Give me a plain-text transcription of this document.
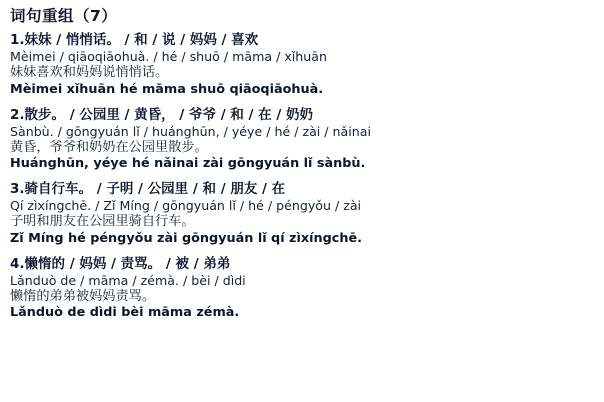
词句重组（7）
1.妹妹 / 悄悄话。 / 和 / 说 / 妈妈 / 喜欢
Mèimei / qiāoqiāohuà. / hé / shuō / māma / xǐhuān
妹妹喜欢和妈妈说悄悄话。
Mèimei xǐhuān hé māma shuō qiāoqiāohuà.
2.散步。 / 公园里 / 黄昏， / 爷爷 / 和 / 在 / 奶奶
Sànbù. / gōngyuán lǐ / huánghūn, / yéye / hé / zài / nǎinai
黄昏，爷爷和奶奶在公园里散步。
Huánghūn, yéye hé nǎinai zài gōngyuán lǐ sànbù.
3.骑自行车。 / 子明 / 公园里 / 和 / 朋友 / 在
Qí zìxíngchē. / Zǐ Míng / gōngyuán lǐ / hé / péngyǒu / zài
子明和朋友在公园里骑自行车。
Zǐ Míng hé péngyǒu zài gōngyuán lǐ qí zìxíngchē.
4.懒惰的 / 妈妈 / 责骂。 / 被 / 弟弟
Lǎnduò de / māma / zémà. / bèi / dìdi
懒惰的弟弟被妈妈责骂。
Lǎnduò de dìdi bèi māma zémà.
